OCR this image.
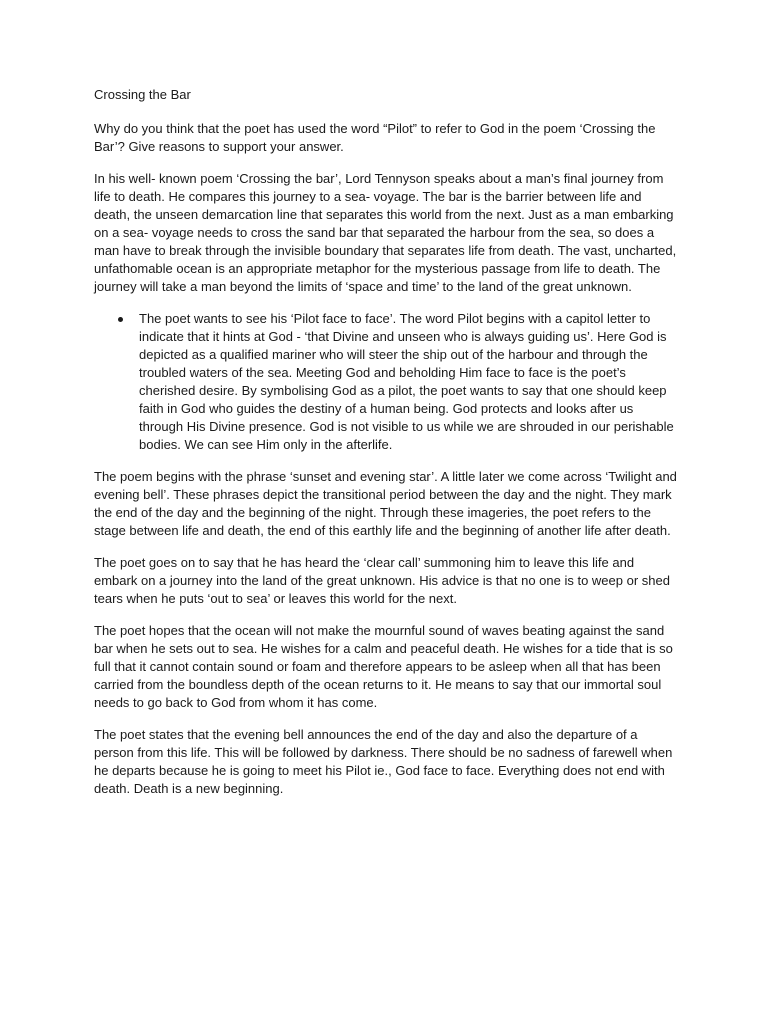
Crossing the Bar
Why do you think that the poet has used the word “Pilot” to refer to God in the poem ‘Crossing the Bar’? Give reasons to support your answer.

In his well- known poem ‘Crossing the bar’, Lord Tennyson speaks about a man’s final journey from life to death. He compares this journey to a sea- voyage. The bar is the barrier between life and death, the unseen demarcation line that separates this world from the next. Just as a man embarking on a sea- voyage needs to cross the sand bar that separated the harbour from the sea, so does a man have to break through the invisible boundary that separates life from death. The vast, uncharted, unfathomable ocean is an appropriate metaphor for the mysterious passage from life to death. The journey will take a man beyond the limits of ‘space and time’ to the land of the great unknown.

The poet wants to see his ‘Pilot face to face’. The word Pilot begins with a capitol letter to indicate that it hints at God - ‘that Divine and unseen who is always guiding us’. Here God is depicted as a qualified mariner who will steer the ship out of the harbour and through the troubled waters of the sea. Meeting God and beholding Him face to face is the poet’s cherished desire. By symbolising God as a pilot, the poet wants to say that one should keep faith in God who guides the destiny of a human being. God protects and looks after us through His Divine presence. God is not visible to us while we are shrouded in our perishable bodies. We can see Him only in the afterlife.

The poem begins with the phrase ‘sunset and evening star’. A little later we come across ‘Twilight and evening bell’. These phrases depict the transitional period between the day and the night. They mark the end of the day and the beginning of the night. Through these imageries, the poet refers to the stage between life and death, the end of this earthly life and the beginning of another life after death.

The poet goes on to say that he has heard the ‘clear call’ summoning him to leave this life and embark on a journey into the land of the great unknown. His advice is that no one is to weep or shed tears when he puts ‘out to sea’ or leaves this world for the next.

The poet hopes that the ocean will not make the mournful sound of waves beating against the sand bar when he sets out to sea. He wishes for a calm and peaceful death. He wishes for a tide that is so full that it cannot contain sound or foam and therefore appears to be asleep when all that has been carried from the boundless depth of the ocean returns to it. He means to say that our immortal soul needs to go back to God from whom it has come.

The poet states that the evening bell announces the end of the day and also the departure of a person from this life. This will be followed by darkness. There should be no sadness of farewell when he departs because he is going to meet his Pilot ie., God face to face. Everything does not end with death. Death is a new beginning.
